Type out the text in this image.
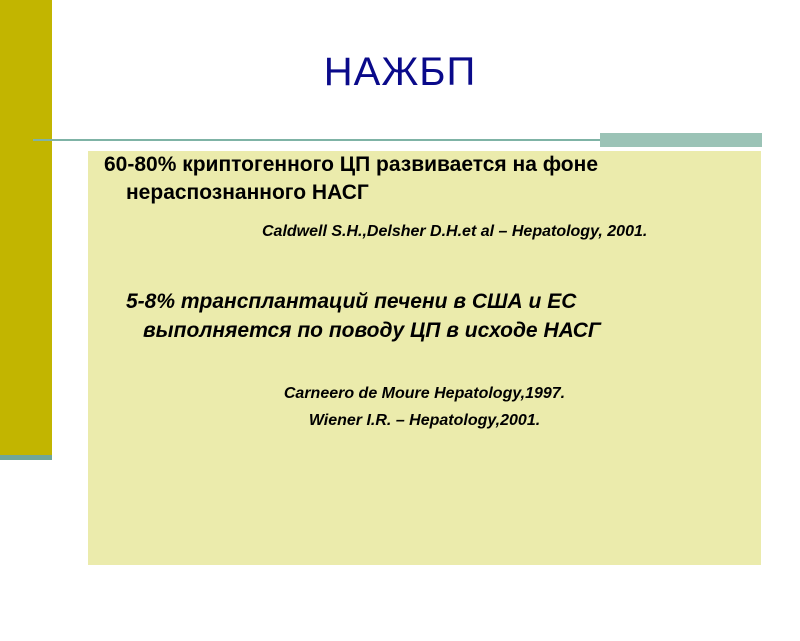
НАЖБП
60-80% криптогенного ЦП развивается на фоне
нераспознанного НАСГ
Caldwell S.H.,Delsher D.H.et al – Hepatology, 2001.
5-8% трансплантаций печени в США и ЕС
выполняется по поводу ЦП в исходе НАСГ
Carneero de Moure Hepatology,1997.
Wiener I.R. – Hepatology,2001.
